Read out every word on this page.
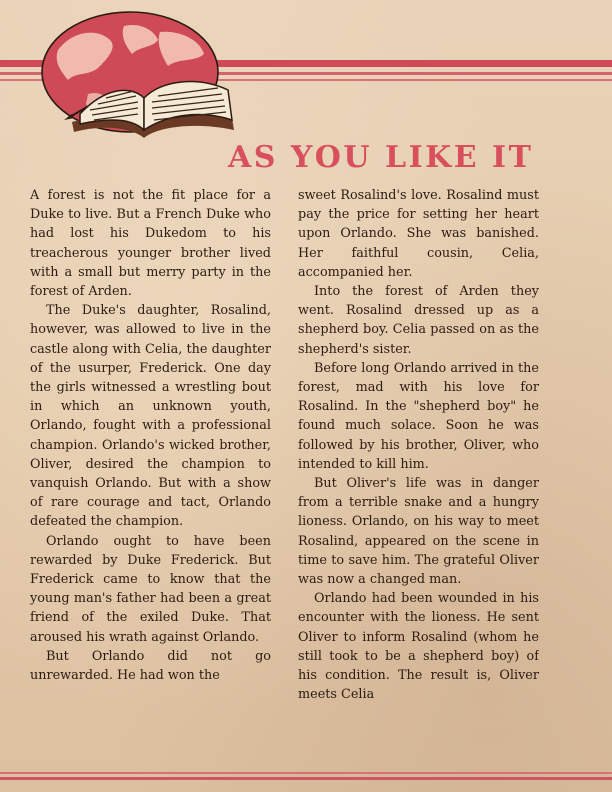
AS YOU LIKE IT

A forest is not the fit place for a Duke to live. But a French Duke who had lost his Dukedom to his treacherous younger brother lived with a small but merry party in the forest of Arden.

The Duke's daughter, Rosalind, however, was allowed to live in the castle along with Celia, the daughter of the usurper, Frederick. One day the girls witnessed a wrestling bout in which an unknown youth, Orlando, fought with a professional champion. Orlando's wicked brother, Oliver, desired the champion to vanquish Orlando. But with a show of rare courage and tact, Orlando defeated the champion.

Orlando ought to have been rewarded by Duke Frederick. But Frederick came to know that the young man's father had been a great friend of the exiled Duke. That aroused his wrath against Orlando.

But Orlando did not go unrewarded. He had won the

sweet Rosalind's love. Rosalind must pay the price for setting her heart upon Orlando. She was banished. Her faithful cousin, Celia, accompanied her.

Into the forest of Arden they went. Rosalind dressed up as a shepherd boy. Celia passed on as the shepherd's sister.

Before long Orlando arrived in the forest, mad with his love for Rosalind. In the "shepherd boy" he found much solace. Soon he was followed by his brother, Oliver, who intended to kill him.

But Oliver's life was in danger from a terrible snake and a hungry lioness. Orlando, on his way to meet Rosalind, appeared on the scene in time to save him. The grateful Oliver was now a changed man.

Orlando had been wounded in his encounter with the lioness. He sent Oliver to inform Rosalind (whom he still took to be a shepherd boy) of his condition. The result is, Oliver meets Celia
